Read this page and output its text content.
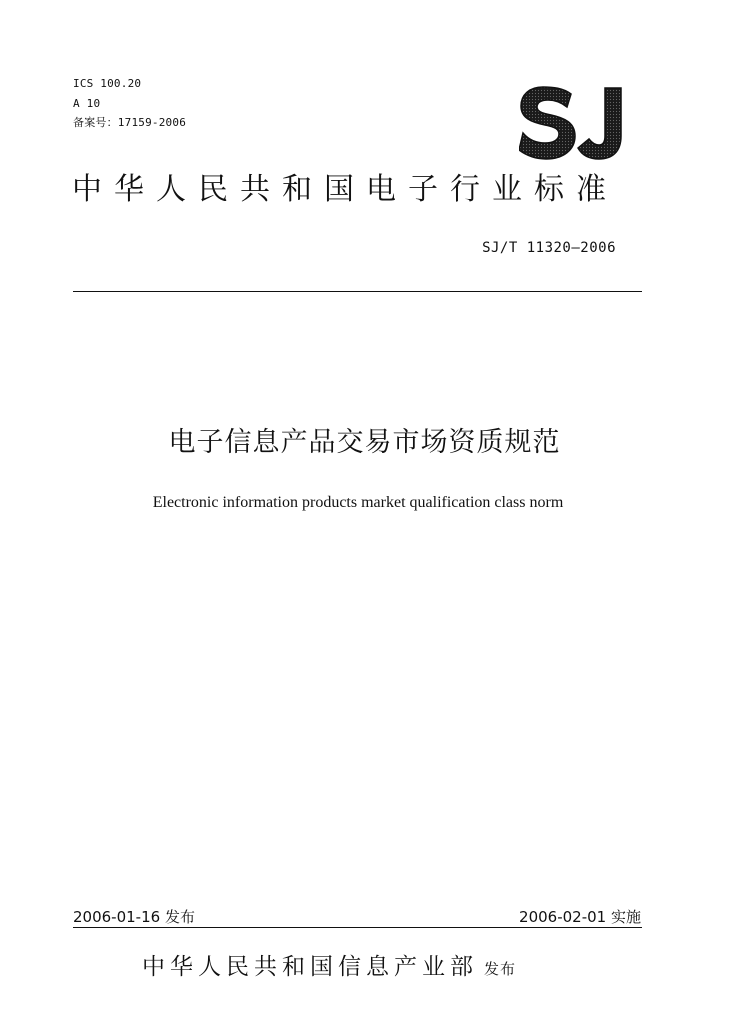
ICS 100.20
A 10
备案号：17159-2006
中华人民共和国电子行业标准
SJ/T 11320—2006
电子信息产品交易市场资质规范
Electronic information products market qualification class norm
2006-01-16 发布	2006-02-01 实施
中华人民共和国信息产业部 发布
